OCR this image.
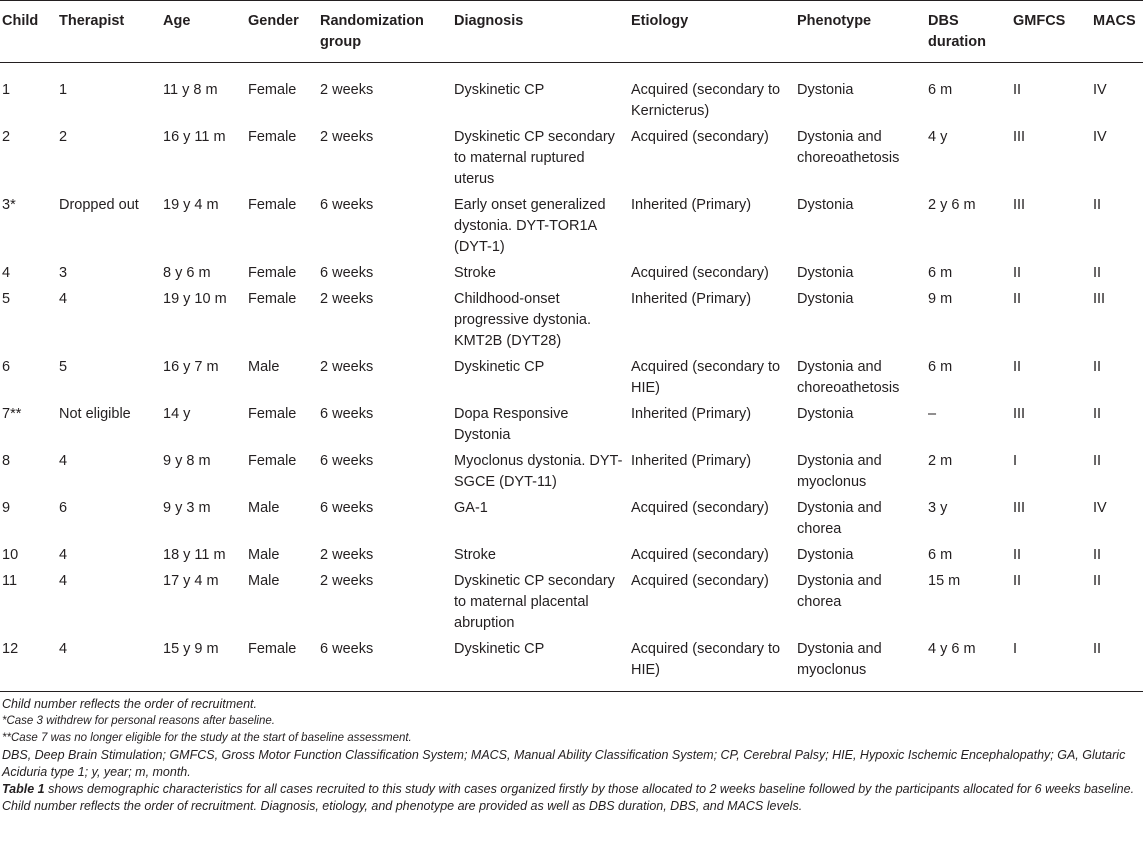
Child	Therapist	Age	Gender	Randomization group	Diagnosis	Etiology	Phenotype	DBS duration	GMFCS	MACS
1	1	11 y 8 m	Female	2 weeks	Dyskinetic CP	Acquired (secondary to Kernicterus)	Dystonia	6 m	II	IV
2	2	16 y 11 m	Female	2 weeks	Dyskinetic CP secondary to maternal ruptured uterus	Acquired (secondary)	Dystonia and choreoathetosis	4 y	III	IV
3*	Dropped out	19 y 4 m	Female	6 weeks	Early onset generalized dystonia. DYT-TOR1A (DYT-1)	Inherited (Primary)	Dystonia	2 y 6 m	III	II
4	3	8 y 6 m	Female	6 weeks	Stroke	Acquired (secondary)	Dystonia	6 m	II	II
5	4	19 y 10 m	Female	2 weeks	Childhood-onset progressive dystonia. KMT2B (DYT28)	Inherited (Primary)	Dystonia	9 m	II	III
6	5	16 y 7 m	Male	2 weeks	Dyskinetic CP	Acquired (secondary to HIE)	Dystonia and choreoathetosis	6 m	II	II
7**	Not eligible	14 y	Female	6 weeks	Dopa Responsive Dystonia	Inherited (Primary)	Dystonia	–	III	II
8	4	9 y 8 m	Female	6 weeks	Myoclonus dystonia. DYT-SGCE (DYT-11)	Inherited (Primary)	Dystonia and myoclonus	2 m	I	II
9	6	9 y 3 m	Male	6 weeks	GA-1	Acquired (secondary)	Dystonia and chorea	3 y	III	IV
10	4	18 y 11 m	Male	2 weeks	Stroke	Acquired (secondary)	Dystonia	6 m	II	II
11	4	17 y 4 m	Male	2 weeks	Dyskinetic CP secondary to maternal placental abruption	Acquired (secondary)	Dystonia and chorea	15 m	II	II
12	4	15 y 9 m	Female	6 weeks	Dyskinetic CP	Acquired (secondary to HIE)	Dystonia and myoclonus	4 y 6 m	I	II

Child number reflects the order of recruitment.

*Case 3 withdrew for personal reasons after baseline.

**Case 7 was no longer eligible for the study at the start of baseline assessment.

DBS, Deep Brain Stimulation; GMFCS, Gross Motor Function Classification System; MACS, Manual Ability Classification System; CP, Cerebral Palsy; HIE, Hypoxic Ischemic Encephalopathy; GA, Glutaric Aciduria type 1; y, year; m, month.

Table 1 shows demographic characteristics for all cases recruited to this study with cases organized firstly by those allocated to 2 weeks baseline followed by the participants allocated for 6 weeks baseline. Child number reflects the order of recruitment. Diagnosis, etiology, and phenotype are provided as well as DBS duration, DBS, and MACS levels.
